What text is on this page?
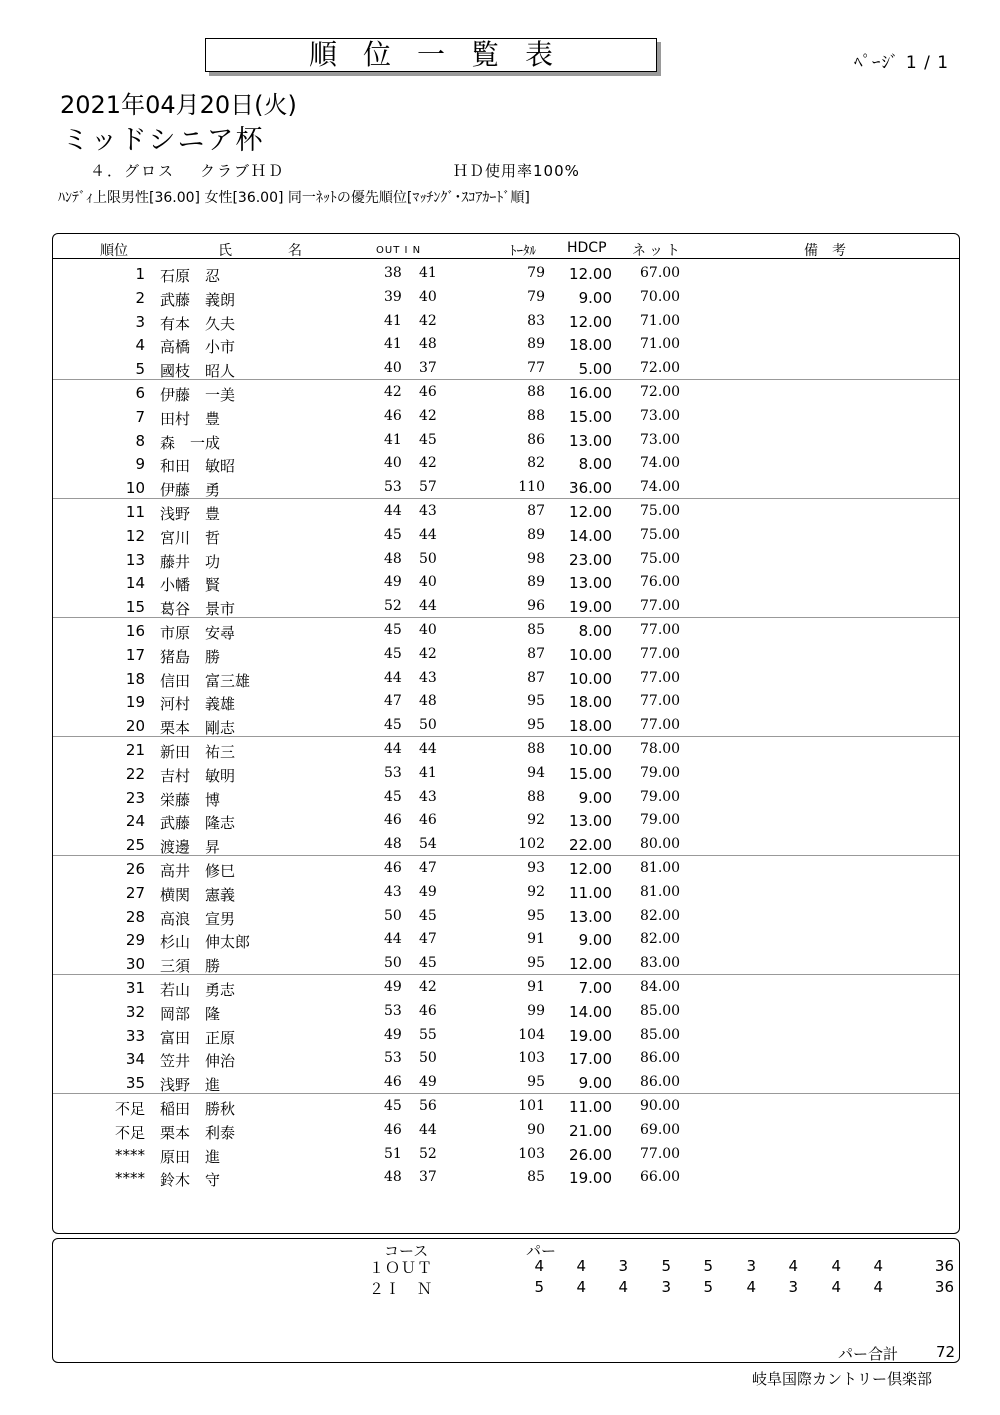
順位一覧表	ﾍﾟｰｼﾞ 1 / 1
2021年04月20日(火)
ミッドシニア杯
４．グロス クラブＨＤ	ＨＤ使用率100%
ﾊﾝﾃﾞｨ上限男性[36.00] 女性[36.00] 同一ﾈｯﾄの優先順位[ﾏｯﾁﾝｸﾞ･ｽｺｱｶｰﾄﾞ順]
順位	氏	名	OUT I N	ﾄｰﾀﾙ HDCP ネット	備　考
1 石原　忍	38 41	79 12.00 67.00
2 武藤　義朗	39 40	79 9.00 70.00
3 有本　久夫	41 42	83 12.00 71.00
4 高橋　小市	41 48	89 18.00 71.00
5 國枝　昭人	40 37	77 5.00 72.00
6 伊藤　一美	42 46	88 16.00 72.00
7 田村　豊	46 42	88 15.00 73.00
8 森　一成	41 45	86 13.00 73.00
9 和田　敏昭	40 42	82 8.00 74.00
10 伊藤　勇	53 57	110 36.00 74.00
11 浅野　豊	44 43	87 12.00 75.00
12 宮川　哲	45 44	89 14.00 75.00
13 藤井　功	48 50	98 23.00 75.00
14 小幡　賢	49 40	89 13.00 76.00
15 葛谷　景市	52 44	96 19.00 77.00
16 市原　安尋	45 40	85 8.00 77.00
17 猪島　勝	45 42	87 10.00 77.00
18 信田　富三雄	44 43	87 10.00 77.00
19 河村　義雄	47 48	95 18.00 77.00
20 栗本　剛志	45 50	95 18.00 77.00
21 新田　祐三	44 44	88 10.00 78.00
22 吉村　敏明	53 41	94 15.00 79.00
23 栄藤　博	45 43	88 9.00 79.00
24 武藤　隆志	46 46	92 13.00 79.00
25 渡邊　昇	48 54	102 22.00 80.00
26 高井　修巳	46 47	93 12.00 81.00
27 横関　憲義	43 49	92 11.00 81.00
28 高浪　宣男	50 45	95 13.00 82.00
29 杉山　伸太郎	44 47	91 9.00 82.00
30 三須　勝	50 45	95 12.00 83.00
31 若山　勇志	49 42	91 7.00 84.00
32 岡部　隆	53 46	99 14.00 85.00
33 富田　正原	49 55	104 19.00 85.00
34 笠井　伸治	53 50	103 17.00 86.00
35 浅野　進	46 49	95 9.00 86.00
不足 稲田　勝秋	45 56	101 11.00 90.00
不足 栗本　利泰	46 44	90 21.00 69.00
**** 原田　進	51 52	103 26.00 77.00
**** 鈴木　守	48 37	85 19.00 66.00
コース	パー
１ＯＵＴ	4	4	3	5	5	3	4	4	4	36
２Ｉ　Ｎ	5	4	4	3	5	4	3	4	4	36
パー合計	72
岐阜国際カントリー倶楽部
